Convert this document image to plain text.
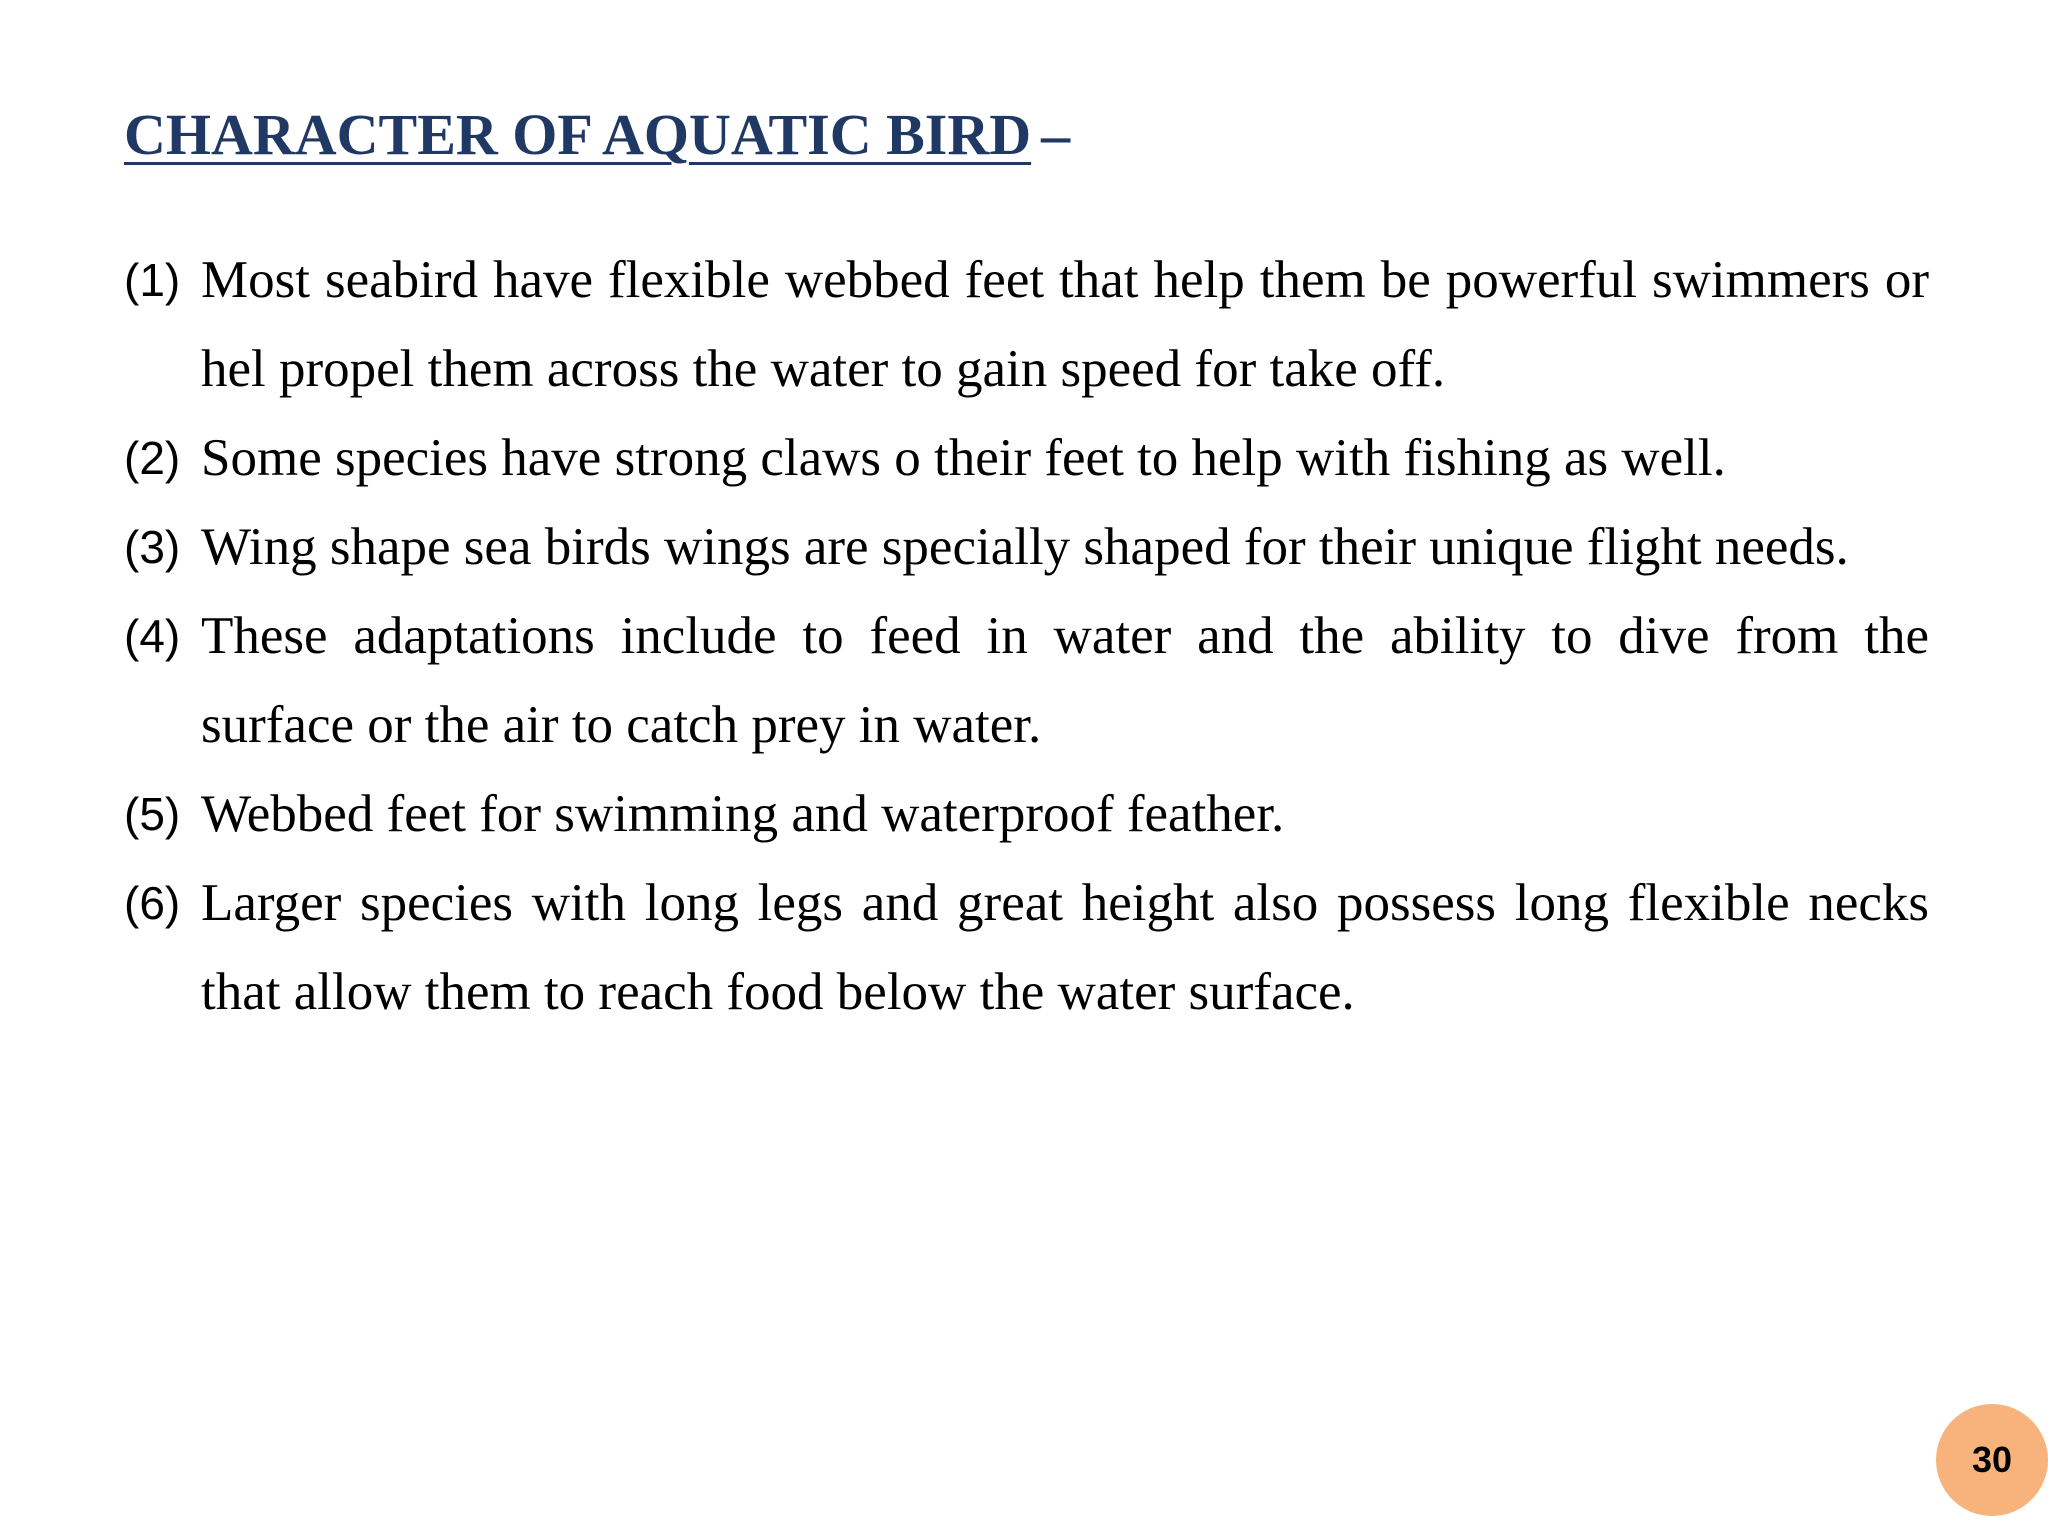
CHARACTER OF AQUATIC BIRD –
(1) Most seabird have flexible webbed feet that help them be powerful swimmers or hel propel them across the water to gain speed for take off.
(2) Some species have strong claws o their feet to help with fishing as well.
(3) Wing shape sea birds wings are specially shaped for their unique flight needs.
(4) These adaptations include to feed in water and the ability to dive from the surface or the air to catch prey in water.
(5) Webbed feet for swimming and waterproof feather.
(6) Larger species with long legs and great height also possess long flexible necks that allow them to reach food below the water surface.
30
